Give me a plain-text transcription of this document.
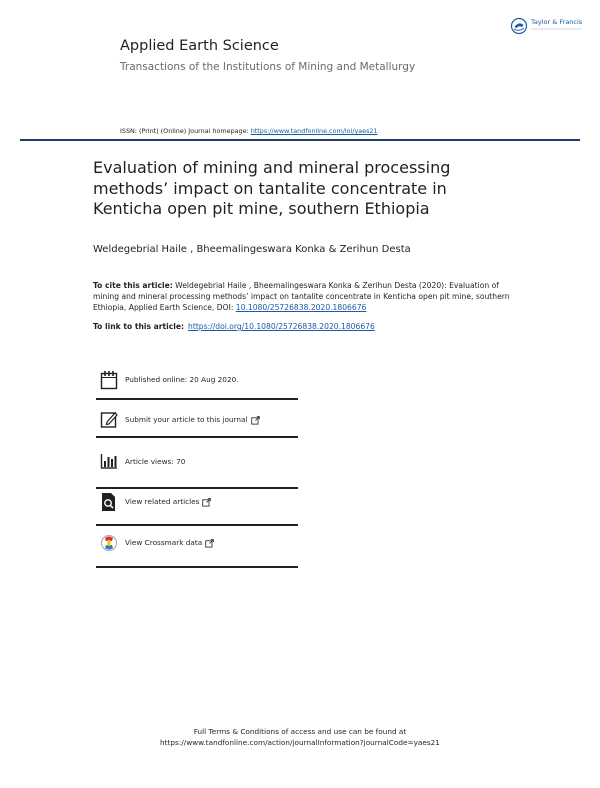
Applied Earth Science
Transactions of the Institutions of Mining and Metallurgy
Taylor & Francis
ISSN: (Print) (Online) Journal homepage: https://www.tandfonline.com/loi/yaes21
Evaluation of mining and mineral processing methods’ impact on tantalite concentrate in Kenticha open pit mine, southern Ethiopia
Weldegebrial Haile , Bheemalingeswara Konka & Zerihun Desta
To cite this article: Weldegebrial Haile , Bheemalingeswara Konka & Zerihun Desta (2020): Evaluation of mining and mineral processing methods’ impact on tantalite concentrate in Kenticha open pit mine, southern Ethiopia, Applied Earth Science, DOI: 10.1080/25726838.2020.1806676
To link to this article: https://doi.org/10.1080/25726838.2020.1806676
Published online: 20 Aug 2020.
Submit your article to this journal
Article views: 70
View related articles
View Crossmark data
Full Terms & Conditions of access and use can be found at
https://www.tandfonline.com/action/journalInformation?journalCode=yaes21
